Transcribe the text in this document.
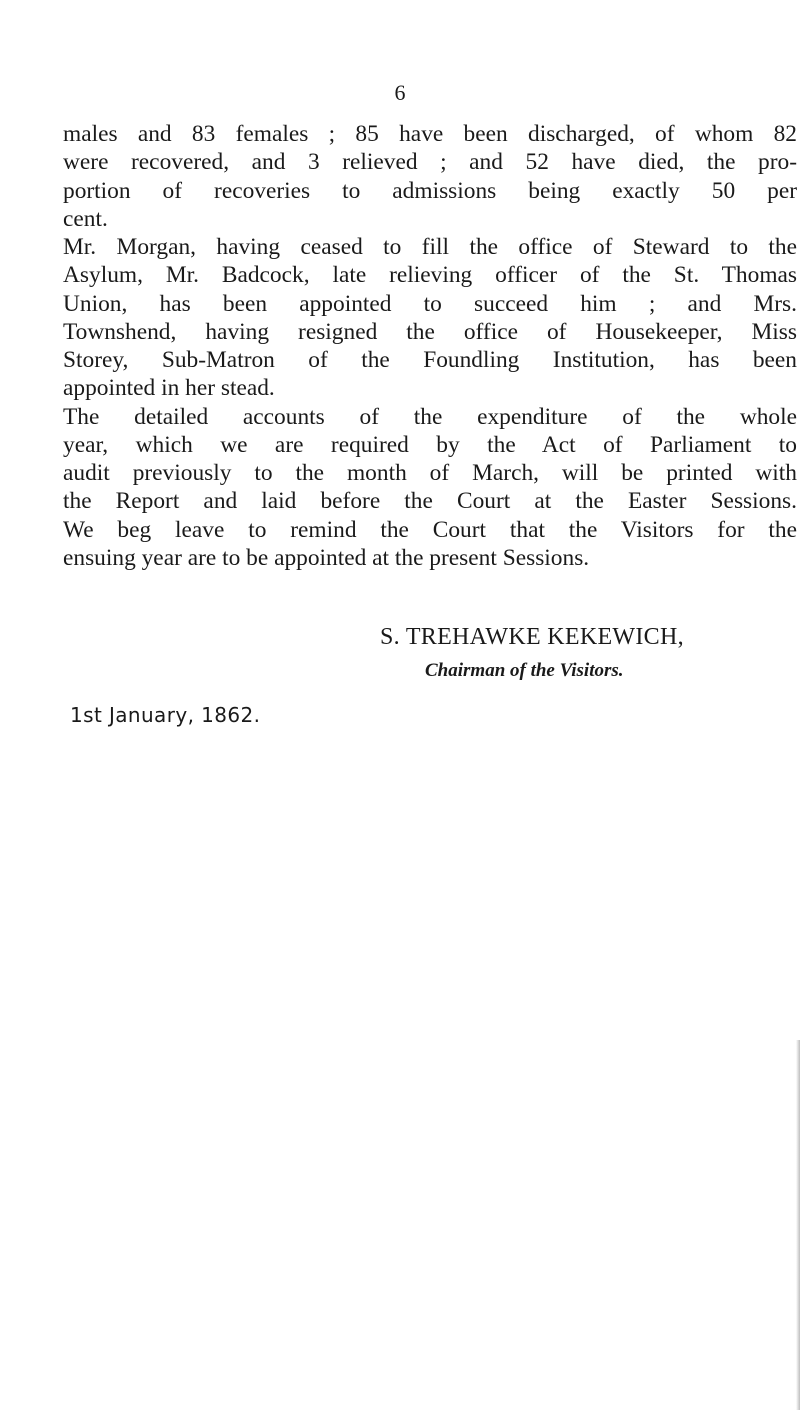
6
males and 83 females ; 85 have been discharged, of whom 82
were recovered, and 3 relieved ; and 52 have died, the pro-
portion of recoveries to admissions being exactly 50 per
cent.
Mr. Morgan, having ceased to fill the office of Steward to the
Asylum, Mr. Badcock, late relieving officer of the St. Thomas
Union, has been appointed to succeed him ; and Mrs.
Townshend, having resigned the office of Housekeeper, Miss
Storey, Sub-Matron of the Foundling Institution, has been
appointed in her stead.
The detailed accounts of the expenditure of the whole
year, which we are required by the Act of Parliament to
audit previously to the month of March, will be printed with
the Report and laid before the Court at the Easter Sessions.
We beg leave to remind the Court that the Visitors for the
ensuing year are to be appointed at the present Sessions.
S. TREHAWKE KEKEWICH,
Chairman of the Visitors.
1st January, 1862.
